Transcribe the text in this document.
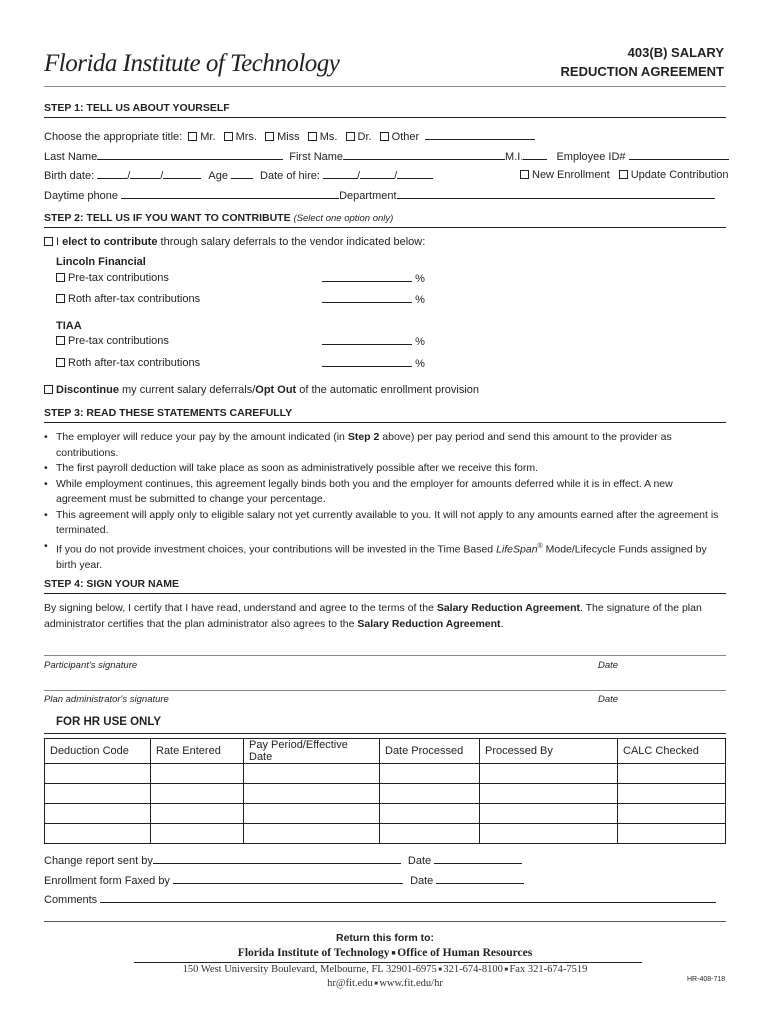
Florida Institute of Technology	403(B) SALARY
REDUCTION AGREEMENT
STEP 1: TELL US ABOUT YOURSELF
Choose the appropriate title: Mr. Mrs. Miss Ms. Dr. Other
Last Name	First Name	M.I.	Employee ID#
Birth date:	/	/	Age	Date of hire:	/	/	New Enrollment Update Contribution
Daytime phone	Department
STEP 2: TELL US IF YOU WANT TO CONTRIBUTE (Select one option only)
I elect to contribute through salary deferrals to the vendor indicated below:
Lincoln Financial
Pre-tax contributions	%
Roth after-tax contributions	%
TIAA
Pre-tax contributions	%
Roth after-tax contributions	%
Discontinue my current salary deferrals/Opt Out of the automatic enrollment provision
STEP 3: READ THESE STATEMENTS CAREFULLY
• The employer will reduce your pay by the amount indicated (in Step 2 above) per pay period and send this amount to the provider as contributions.
• The first payroll deduction will take place as soon as administratively possible after we receive this form.
• While employment continues, this agreement legally binds both you and the employer for amounts deferred while it is in effect. A new agreement must be submitted to change your percentage.
• This agreement will apply only to eligible salary not yet currently available to you. It will not apply to any amounts earned after the agreement is terminated.
• If you do not provide investment choices, your contributions will be invested in the Time Based LifeSpan® Mode/Lifecycle Funds assigned by birth year.
STEP 4: SIGN YOUR NAME
By signing below, I certify that I have read, understand and agree to the terms of the Salary Reduction Agreement. The signature of the plan administrator certifies that the plan administrator also agrees to the Salary Reduction Agreement.
Participant's signature	Date
Plan administrator's signature	Date
FOR HR USE ONLY
Deduction Code	Rate Entered	Pay Period/Effective Date	Date Processed	Processed By	CALC Checked

Change report sent by	Date
Enrollment form Faxed by	Date
Comments
Return this form to:
Florida Institute of Technology ■ Office of Human Resources
150 West University Boulevard, Melbourne, FL 32901-6975 ■ 321-674-8100 ■ Fax 321-674-7519
hr@fit.edu ■ www.fit.edu/hr	HR-408-718
